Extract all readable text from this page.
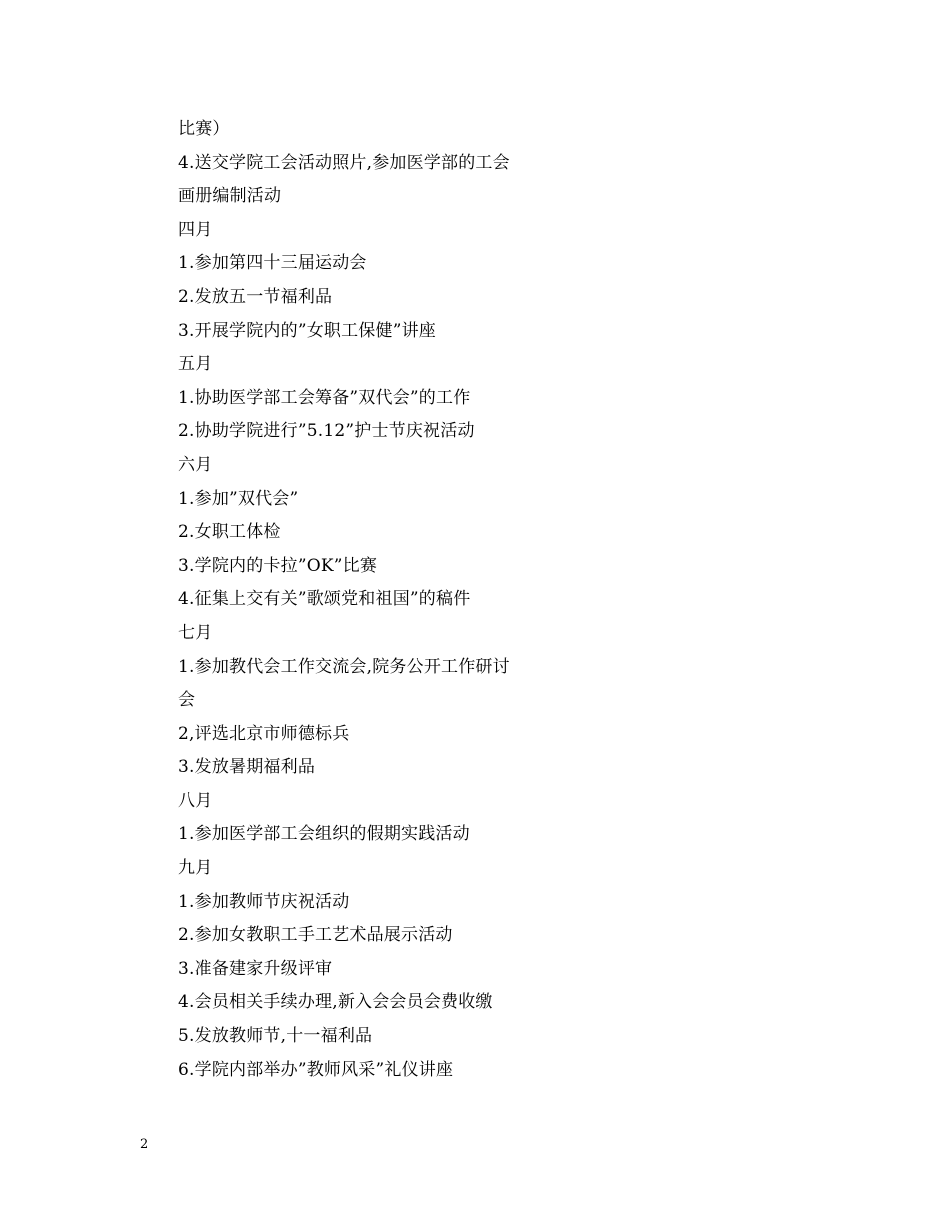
比赛）
4.送交学院工会活动照片,参加医学部的工会
画册编制活动
四月
1.参加第四十三届运动会
2.发放五一节福利品
3.开展学院内的”女职工保健”讲座
五月
1.协助医学部工会筹备”双代会”的工作
2.协助学院进行”5.12”护士节庆祝活动
六月
1.参加”双代会”
2.女职工体检
3.学院内的卡拉”OK”比赛
4.征集上交有关”歌颂党和祖国”的稿件
七月
1.参加教代会工作交流会,院务公开工作研讨
会
2,评选北京市师德标兵
3.发放暑期福利品
八月
1.参加医学部工会组织的假期实践活动
九月
1.参加教师节庆祝活动
2.参加女教职工手工艺术品展示活动
3.准备建家升级评审
4.会员相关手续办理,新入会会员会费收缴
5.发放教师节,十一福利品
6.学院内部举办”教师风采”礼仪讲座
2
